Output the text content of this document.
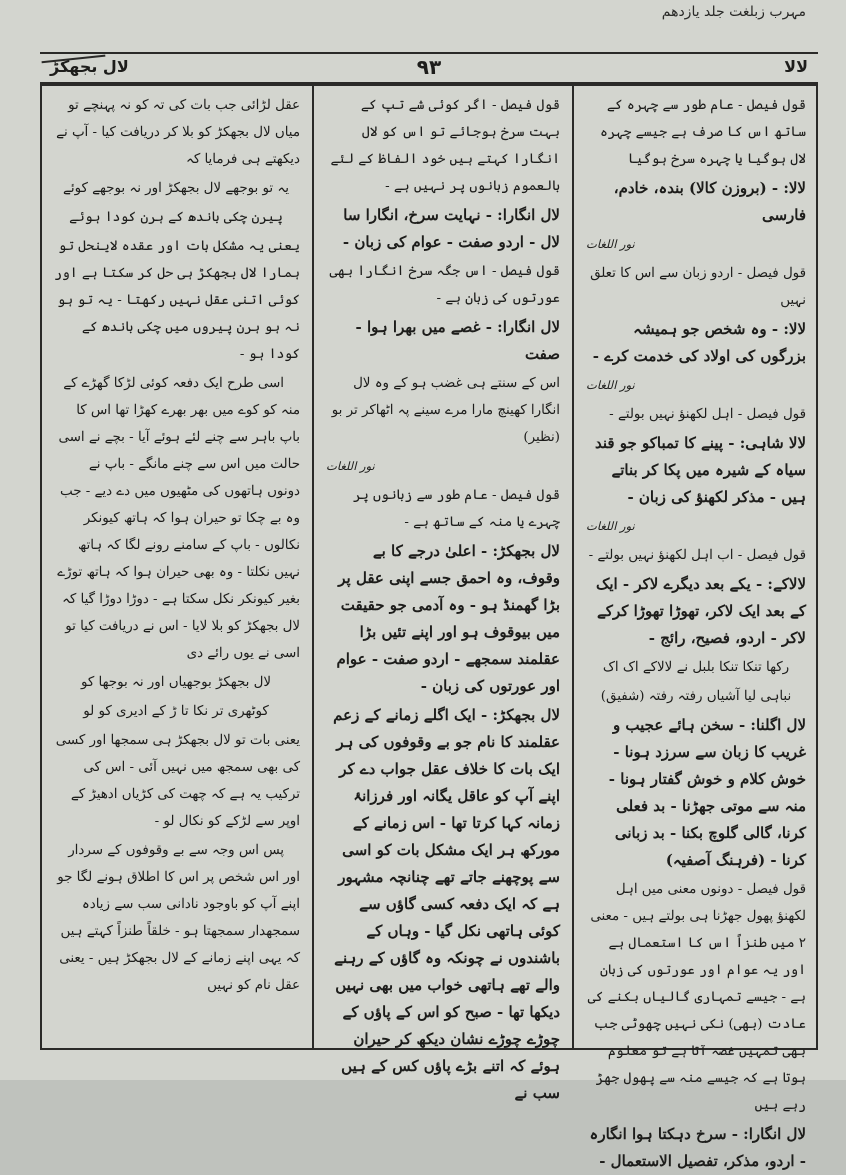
مہرب زبلغت جلد یازدھم
لال بجھکڑ	۹۳	لالا

قول فیصل - عام طور سے چہرہ کے ساتھ اس کا صرف ہے جیسے چہرہ لال ہوگیا یا چہرہ سرخ ہوگیا

لالا: - (بروزن کالا) بندہ، خادم، فارسی

نور اللغات

قول فیصل - اردو زبان سے اس کا تعلق نہیں

لالا: - وہ شخص جو ہمیشہ بزرگوں کی اولاد کی خدمت کرے -

نور اللغات

قول فیصل - اہل لکھنؤ نہیں بولتے -

لالا شاہی: - پینے کا تمباکو جو قند سیاہ کے شیرہ میں پکا کر بناتے ہیں - مذکر لکھنؤ کی زبان -

نور اللغات

قول فیصل - اب اہل لکھنؤ نہیں بولتے -

لالاکے: - یکے بعد دیگرے لاکر - ایک کے بعد ایک لاکر، تھوڑا تھوڑا کرکے لاکر - اردو، فصیح، رائج -

رکھا تنکا تنکا بلبل نے لالاکے اک اک

نباہی لیا آشیاں رفتہ رفتہ (شفیق)

لال اگلنا: - سخن ہائے عجیب و غریب کا زبان سے سرزد ہونا - خوش کلام و خوش گفتار ہونا - منہ سے موتی جھڑنا - بد فعلی کرنا، گالی گلوچ بکنا - بد زبانی کرنا - (فرہنگ آصفیہ)

قول فیصل - دونوں معنی میں اہل لکھنؤ پھول جھڑنا ہی بولتے ہیں - معنی ۲ میں طنزاً اس کا استعمال ہے اور یہ عوام اور عورتوں کی زبان ہے - جیسے تمہاری گالیاں بکنے کی عادت (بھی) نکی نہیں چھوٹی جب بھی تمہیں غصہ آتا ہے تو معلوم ہوتا ہے کہ جیسے منہ سے پھول جھڑ رہے ہیں

لال انگارا: - سرخ دہکتا ہوا انگارہ - اردو، مذکر، تفصیل الاستعمال -

قول فیصل - اگر کوئی شے تپ کے بہت سرخ ہوجائے تو اس کو لال انگارا کہتے ہیں خود الفاظ کے لئے بالعموم زبانوں پر نہیں ہے -

لال انگارا: - نہایت سرخ، انگارا سا لال - اردو صفت - عوام کی زبان -

قول فیصل - اس جگہ سرخ انگارا بھی عورتوں کی زبان ہے -

لال انگارا: - غصے میں بھرا ہوا - صفت

اس کے سنتے ہی غضب ہو کے وہ لال انگارا کھینچ مارا مرے سینے پہ اٹھاکر تر بو (نظیر)

نور اللغات

قول فیصل - عام طور سے زبانوں پر چہرے یا منہ کے ساتھ ہے -

لال بجھکڑ: - اعلیٰ درجے کا بے وقوف، وہ احمق جسے اپنی عقل پر بڑا گھمنڈ ہو - وہ آدمی جو حقیقت میں بیوقوف ہو اور اپنے تئیں بڑا عقلمند سمجھے - اردو صفت - عوام اور عورتوں کی زبان -

لال بجھکڑ: - ایک اگلے زمانے کے زعم عقلمند کا نام جو بے وقوفوں کی ہر ایک بات کا خلاف عقل جواب دے کر اپنے آپ کو عاقل یگانہ اور فرزانۂ زمانہ کہا کرتا تھا - اس زمانے کے مورکھ ہر ایک مشکل بات کو اسی سے پوچھنے جاتے تھے چنانچہ مشہور ہے کہ ایک دفعہ کسی گاؤں سے کوئی ہاتھی نکل گیا - وہاں کے باشندوں نے چونکہ وہ گاؤں کے رہنے والے تھے ہاتھی خواب میں بھی نہیں دیکھا تھا - صبح کو اس کے پاؤں کے چوڑے چوڑے نشان دیکھ کر حیران ہوئے کہ اتنے بڑے پاؤں کس کے ہیں سب نے

عقل لڑائی جب بات کی تہ کو نہ پہنچے تو میاں لال بجھکڑ کو بلا کر دریافت کیا - آپ نے دیکھتے ہی فرمایا کہ

یہ تو بوجھے لال بجھکڑ اور نہ بوجھے کوئے

پیرن چکی باندھ کے ہرن کودا ہوئے

یعنی یہ مشکل بات اور عقدہ لاینحل تو ہمارا لال بجھکڑ ہی حل کر سکتا ہے اور کوئی اتنی عقل نہیں رکھتا - یہ تو ہو نہ ہو ہرن پیروں میں چکی باندھ کے کودا ہو -

اسی طرح ایک دفعہ کوئی لڑکا گھڑے کے منہ کو کوے میں بھر بھرے کھڑا تھا اس کا باپ باہر سے چنے لئے ہوئے آیا - بچے نے اسی حالت میں اس سے چنے مانگے - باپ نے دونوں ہاتھوں کی مٹھیوں میں دے دیے - جب وہ بے چکا تو حیران ہوا کہ ہاتھ کیونکر نکالوں - باپ کے سامنے رونے لگا کہ ہاتھ نہیں نکلتا - وہ بھی حیران ہوا کہ ہاتھ توڑے بغیر کیونکر نکل سکتا ہے - دوڑا دوڑا گیا کہ لال بجھکڑ کو بلا لایا - اس نے دریافت کیا تو اسی نے یوں رائے دی

لال بجھکڑ بوجھیاں اور نہ بوجھا کو

کوٹھری تر نکا تا ڑ کے ادیری کو لو

یعنی بات تو لال بجھکڑ ہی سمجھا اور کسی کی بھی سمجھ میں نہیں آئی - اس کی ترکیب یہ ہے کہ چھت کی کڑیاں ادھیڑ کے اوپر سے لڑکے کو نکال لو -

پس اس وجہ سے بے وقوفوں کے سردار اور اس شخص پر اس کا اطلاق ہونے لگا جو اپنے آپ کو باوجود نادانی سب سے زیادہ سمجھدار سمجھتا ہو - خلقاً طنزاً کہتے ہیں کہ یہی اپنے زمانے کے لال بجھکڑ ہیں - یعنی عقل نام کو نہیں
